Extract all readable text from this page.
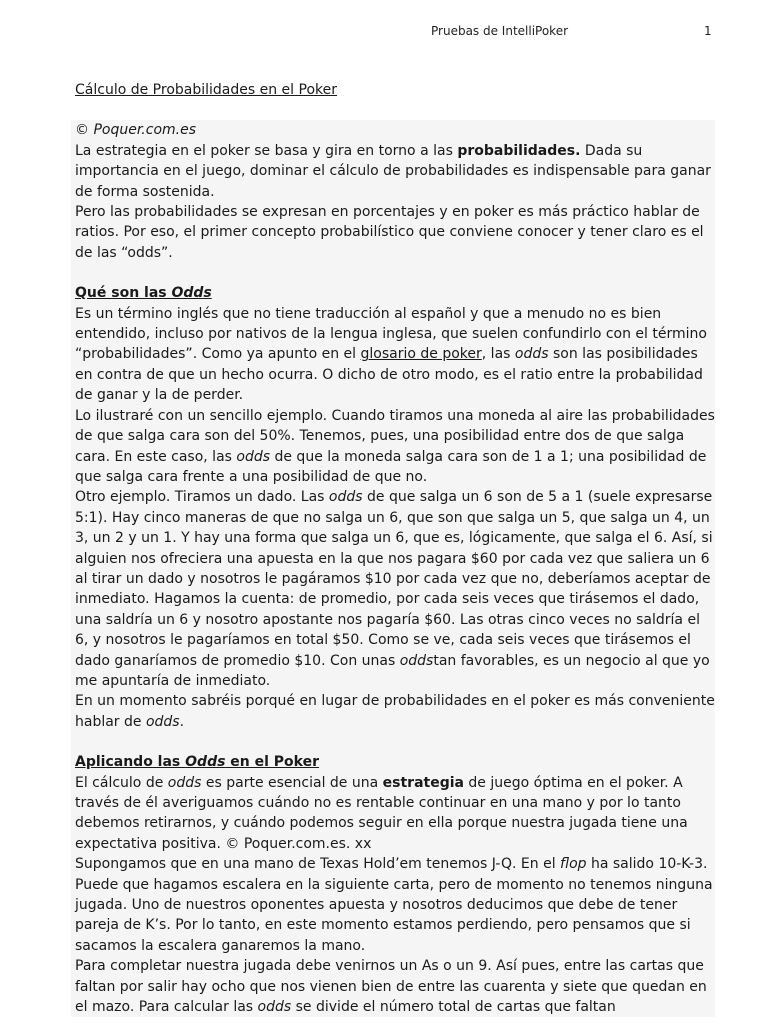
Pruebas de IntelliPoker	1
Cálculo de Probabilidades en el Poker

© Poquer.com.es

La estrategia en el poker se basa y gira en torno a las probabilidades. Dada su importancia en el juego, dominar el cálculo de probabilidades es indispensable para ganar de forma sostenida.

Pero las probabilidades se expresan en porcentajes y en poker es más práctico hablar de ratios. Por eso, el primer concepto probabilístico que conviene conocer y tener claro es el de las “odds”.

Qué son las Odds

Es un término inglés que no tiene traducción al español y que a menudo no es bien entendido, incluso por nativos de la lengua inglesa, que suelen confundirlo con el término “probabilidades”. Como ya apunto en el glosario de poker, las odds son las posibilidades en contra de que un hecho ocurra. O dicho de otro modo, es el ratio entre la probabilidad de ganar y la de perder.

Lo ilustraré con un sencillo ejemplo. Cuando tiramos una moneda al aire las probabilidades de que salga cara son del 50%. Tenemos, pues, una posibilidad entre dos de que salga cara. En este caso, las odds de que la moneda salga cara son de 1 a 1; una posibilidad de que salga cara frente a una posibilidad de que no.

Otro ejemplo. Tiramos un dado. Las odds de que salga un 6 son de 5 a 1 (suele expresarse 5:1). Hay cinco maneras de que no salga un 6, que son que salga un 5, que salga un 4, un 3, un 2 y un 1. Y hay una forma que salga un 6, que es, lógicamente, que salga el 6. Así, si alguien nos ofreciera una apuesta en la que nos pagara $60 por cada vez que saliera un 6 al tirar un dado y nosotros le pagáramos $10 por cada vez que no, deberíamos aceptar de inmediato. Hagamos la cuenta: de promedio, por cada seis veces que tirásemos el dado, una saldría un 6 y nosotro apostante nos pagaría $60. Las otras cinco veces no saldría el 6, y nosotros le pagaríamos en total $50. Como se ve, cada seis veces que tirásemos el dado ganaríamos de promedio $10. Con unas oddstan favorables, es un negocio al que yo me apuntaría de inmediato.

En un momento sabréis porqué en lugar de probabilidades en el poker es más conveniente hablar de odds.

Aplicando las Odds en el Poker

El cálculo de odds es parte esencial de una estrategia de juego óptima en el poker. A través de él averiguamos cuándo no es rentable continuar en una mano y por lo tanto debemos retirarnos, y cuándo podemos seguir en ella porque nuestra jugada tiene una expectativa positiva. © Poquer.com.es. xx

Supongamos que en una mano de Texas Hold’em tenemos J-Q. En el flop ha salido 10-K-3. Puede que hagamos escalera en la siguiente carta, pero de momento no tenemos ninguna jugada. Uno de nuestros oponentes apuesta y nosotros deducimos que debe de tener pareja de K’s. Por lo tanto, en este momento estamos perdiendo, pero pensamos que si sacamos la escalera ganaremos la mano.

Para completar nuestra jugada debe venirnos un As o un 9. Así pues, entre las cartas que faltan por salir hay ocho que nos vienen bien de entre las cuarenta y siete que quedan en el mazo. Para calcular las odds se divide el número total de cartas que faltan
